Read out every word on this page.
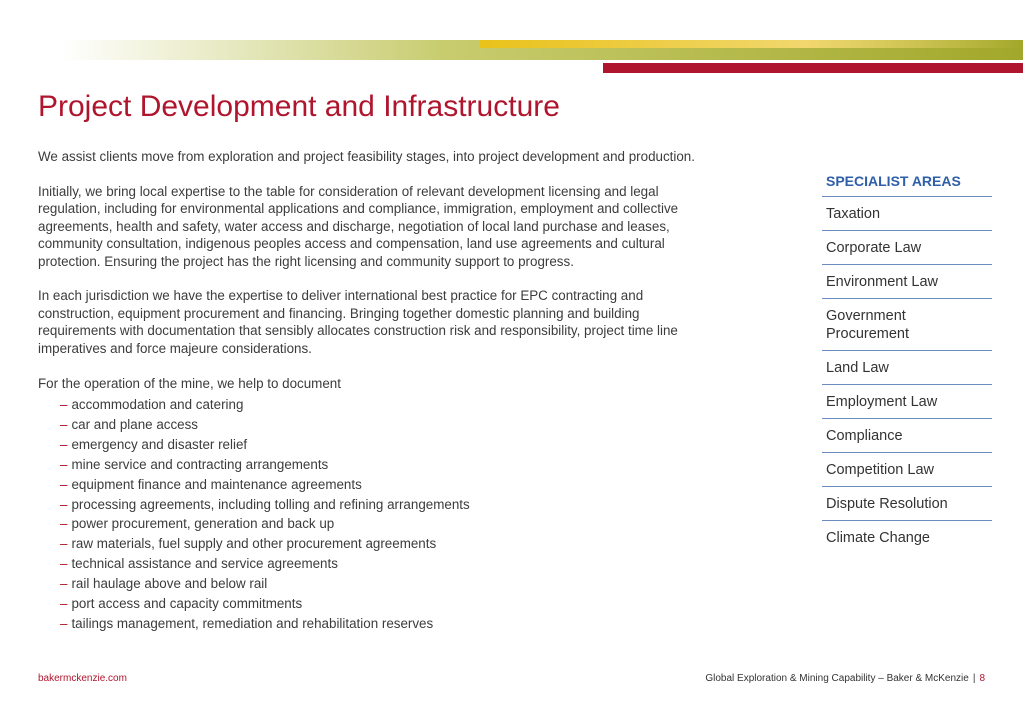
Project Development and Infrastructure

We assist clients move from exploration and project feasibility stages, into project development and production.

Initially, we bring local expertise to the table for consideration of relevant development licensing and legal regulation, including for environmental applications and compliance, immigration, employment and collective agreements, health and safety, water access and discharge, negotiation of local land purchase and leases, community consultation, indigenous peoples access and compensation, land use agreements and cultural protection. Ensuring the project has the right licensing and community support to progress.

In each jurisdiction we have the expertise to deliver international best practice for EPC contracting and construction, equipment procurement and financing. Bringing together domestic planning and building requirements with documentation that sensibly allocates construction risk and responsibility, project time line imperatives and force majeure considerations.

For the operation of the mine, we help to document

– accommodation and catering
– car and plane access
– emergency and disaster relief
– mine service and contracting arrangements
– equipment finance and maintenance agreements
– processing agreements, including tolling and refining arrangements
– power procurement, generation and back up
– raw materials, fuel supply and other procurement agreements
– technical assistance and service agreements
– rail haulage above and below rail
– port access and capacity commitments
– tailings management, remediation and rehabilitation reserves
SPECIALIST AREAS
Taxation
Corporate Law
Environment Law
Government Procurement
Land Law
Employment Law
Compliance
Competition Law
Dispute Resolution
Climate Change
bakermckenzie.com	Global Exploration & Mining Capability – Baker & McKenzie | 8
